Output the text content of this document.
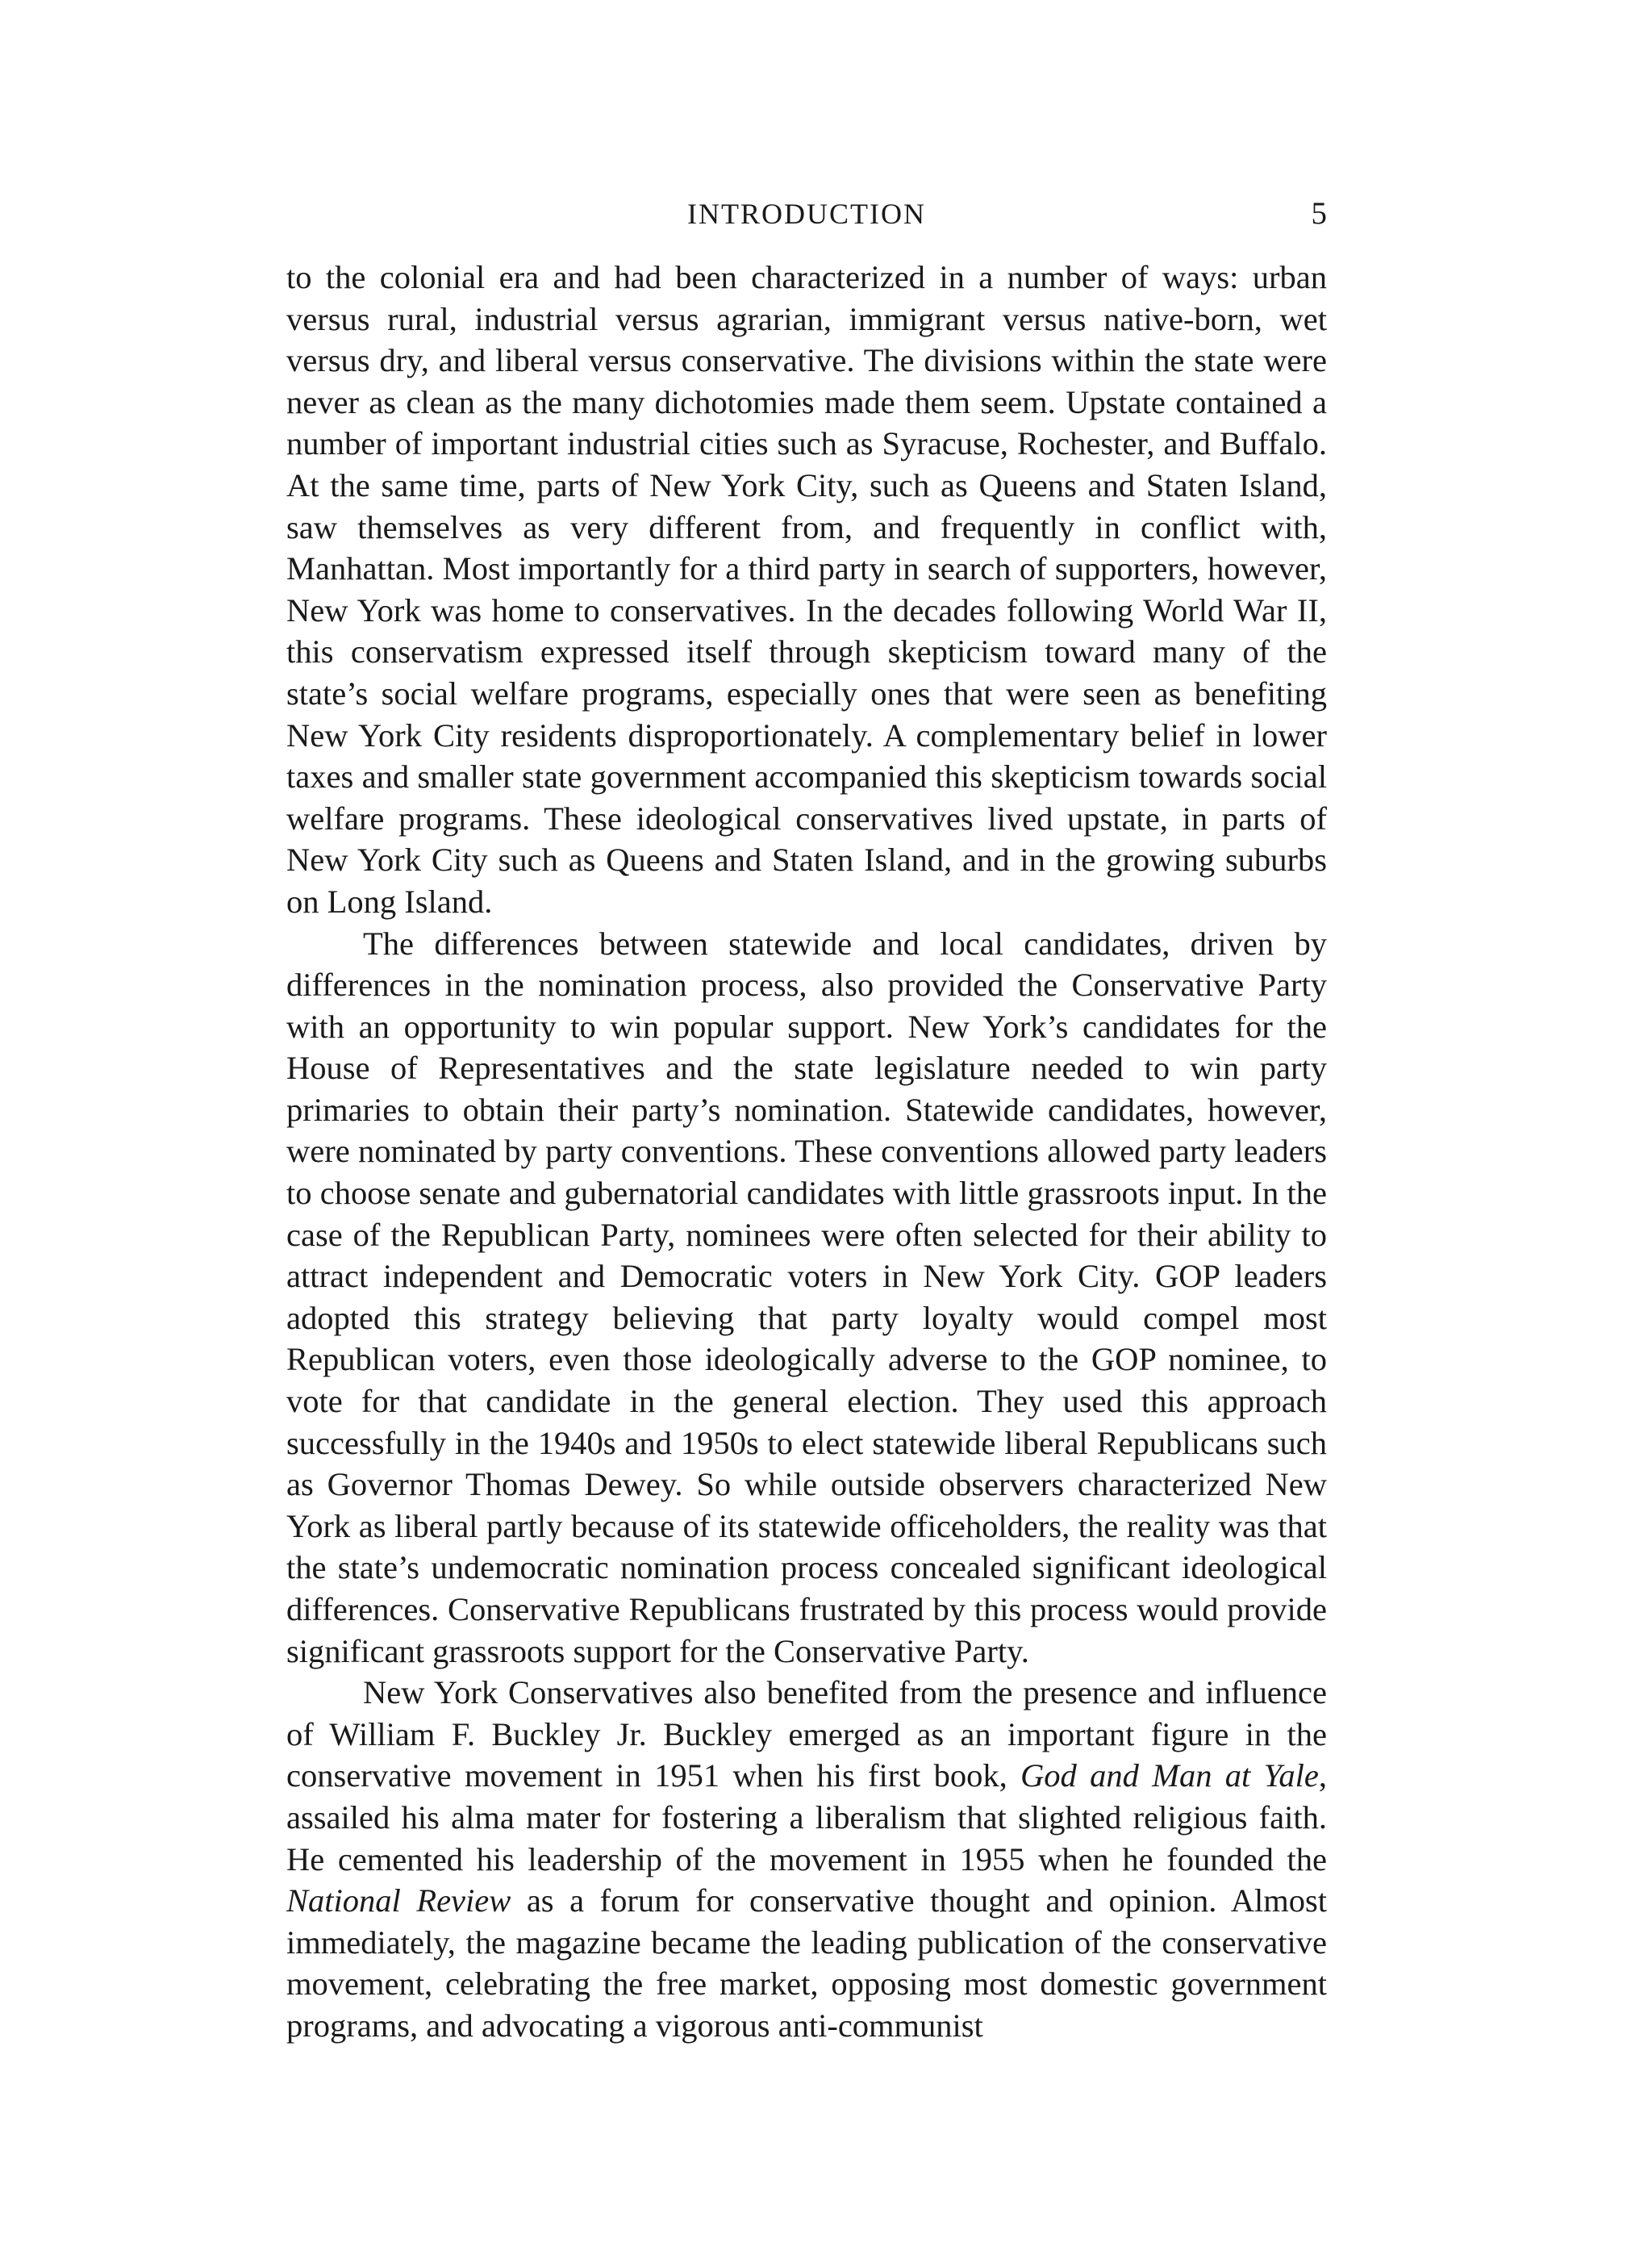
INTRODUCTION	5

to the colonial era and had been characterized in a number of ways: urban versus rural, industrial versus agrarian, immigrant versus native-born, wet versus dry, and liberal versus conservative. The divisions within the state were never as clean as the many dichotomies made them seem. Upstate contained a number of important industrial cities such as Syracuse, Rochester, and Buffalo. At the same time, parts of New York City, such as Queens and Staten Island, saw themselves as very different from, and frequently in conflict with, Manhattan. Most importantly for a third party in search of supporters, however, New York was home to conservatives. In the decades following World War II, this conservatism expressed itself through skepticism toward many of the state’s social welfare programs, especially ones that were seen as benefiting New York City residents disproportionately. A complementary belief in lower taxes and smaller state government accompanied this skepticism towards social welfare programs. These ideological conservatives lived upstate, in parts of New York City such as Queens and Staten Island, and in the growing suburbs on Long Island.

The differences between statewide and local candidates, driven by differences in the nomination process, also provided the Conservative Party with an opportunity to win popular support. New York’s candidates for the House of Representatives and the state legislature needed to win party primaries to obtain their party’s nomination. Statewide candidates, however, were nominated by party conventions. These conventions allowed party leaders to choose senate and gubernatorial candidates with little grassroots input. In the case of the Republican Party, nominees were often selected for their ability to attract independent and Democratic voters in New York City. GOP leaders adopted this strategy believing that party loyalty would compel most Republican voters, even those ideologically adverse to the GOP nominee, to vote for that candidate in the general election. They used this approach successfully in the 1940s and 1950s to elect statewide liberal Republicans such as Governor Thomas Dewey. So while outside observers characterized New York as liberal partly because of its statewide officeholders, the reality was that the state’s undemocratic nomination process concealed significant ideological differences. Conservative Republicans frustrated by this process would provide significant grassroots support for the Conservative Party.

New York Conservatives also benefited from the presence and influence of William F. Buckley Jr. Buckley emerged as an important figure in the conservative movement in 1951 when his first book, God and Man at Yale, assailed his alma mater for fostering a liberalism that slighted religious faith. He cemented his leadership of the movement in 1955 when he founded the National Review as a forum for conservative thought and opinion. Almost immediately, the magazine became the leading publication of the conservative movement, celebrating the free market, opposing most domestic government programs, and advocating a vigorous anti-communist
